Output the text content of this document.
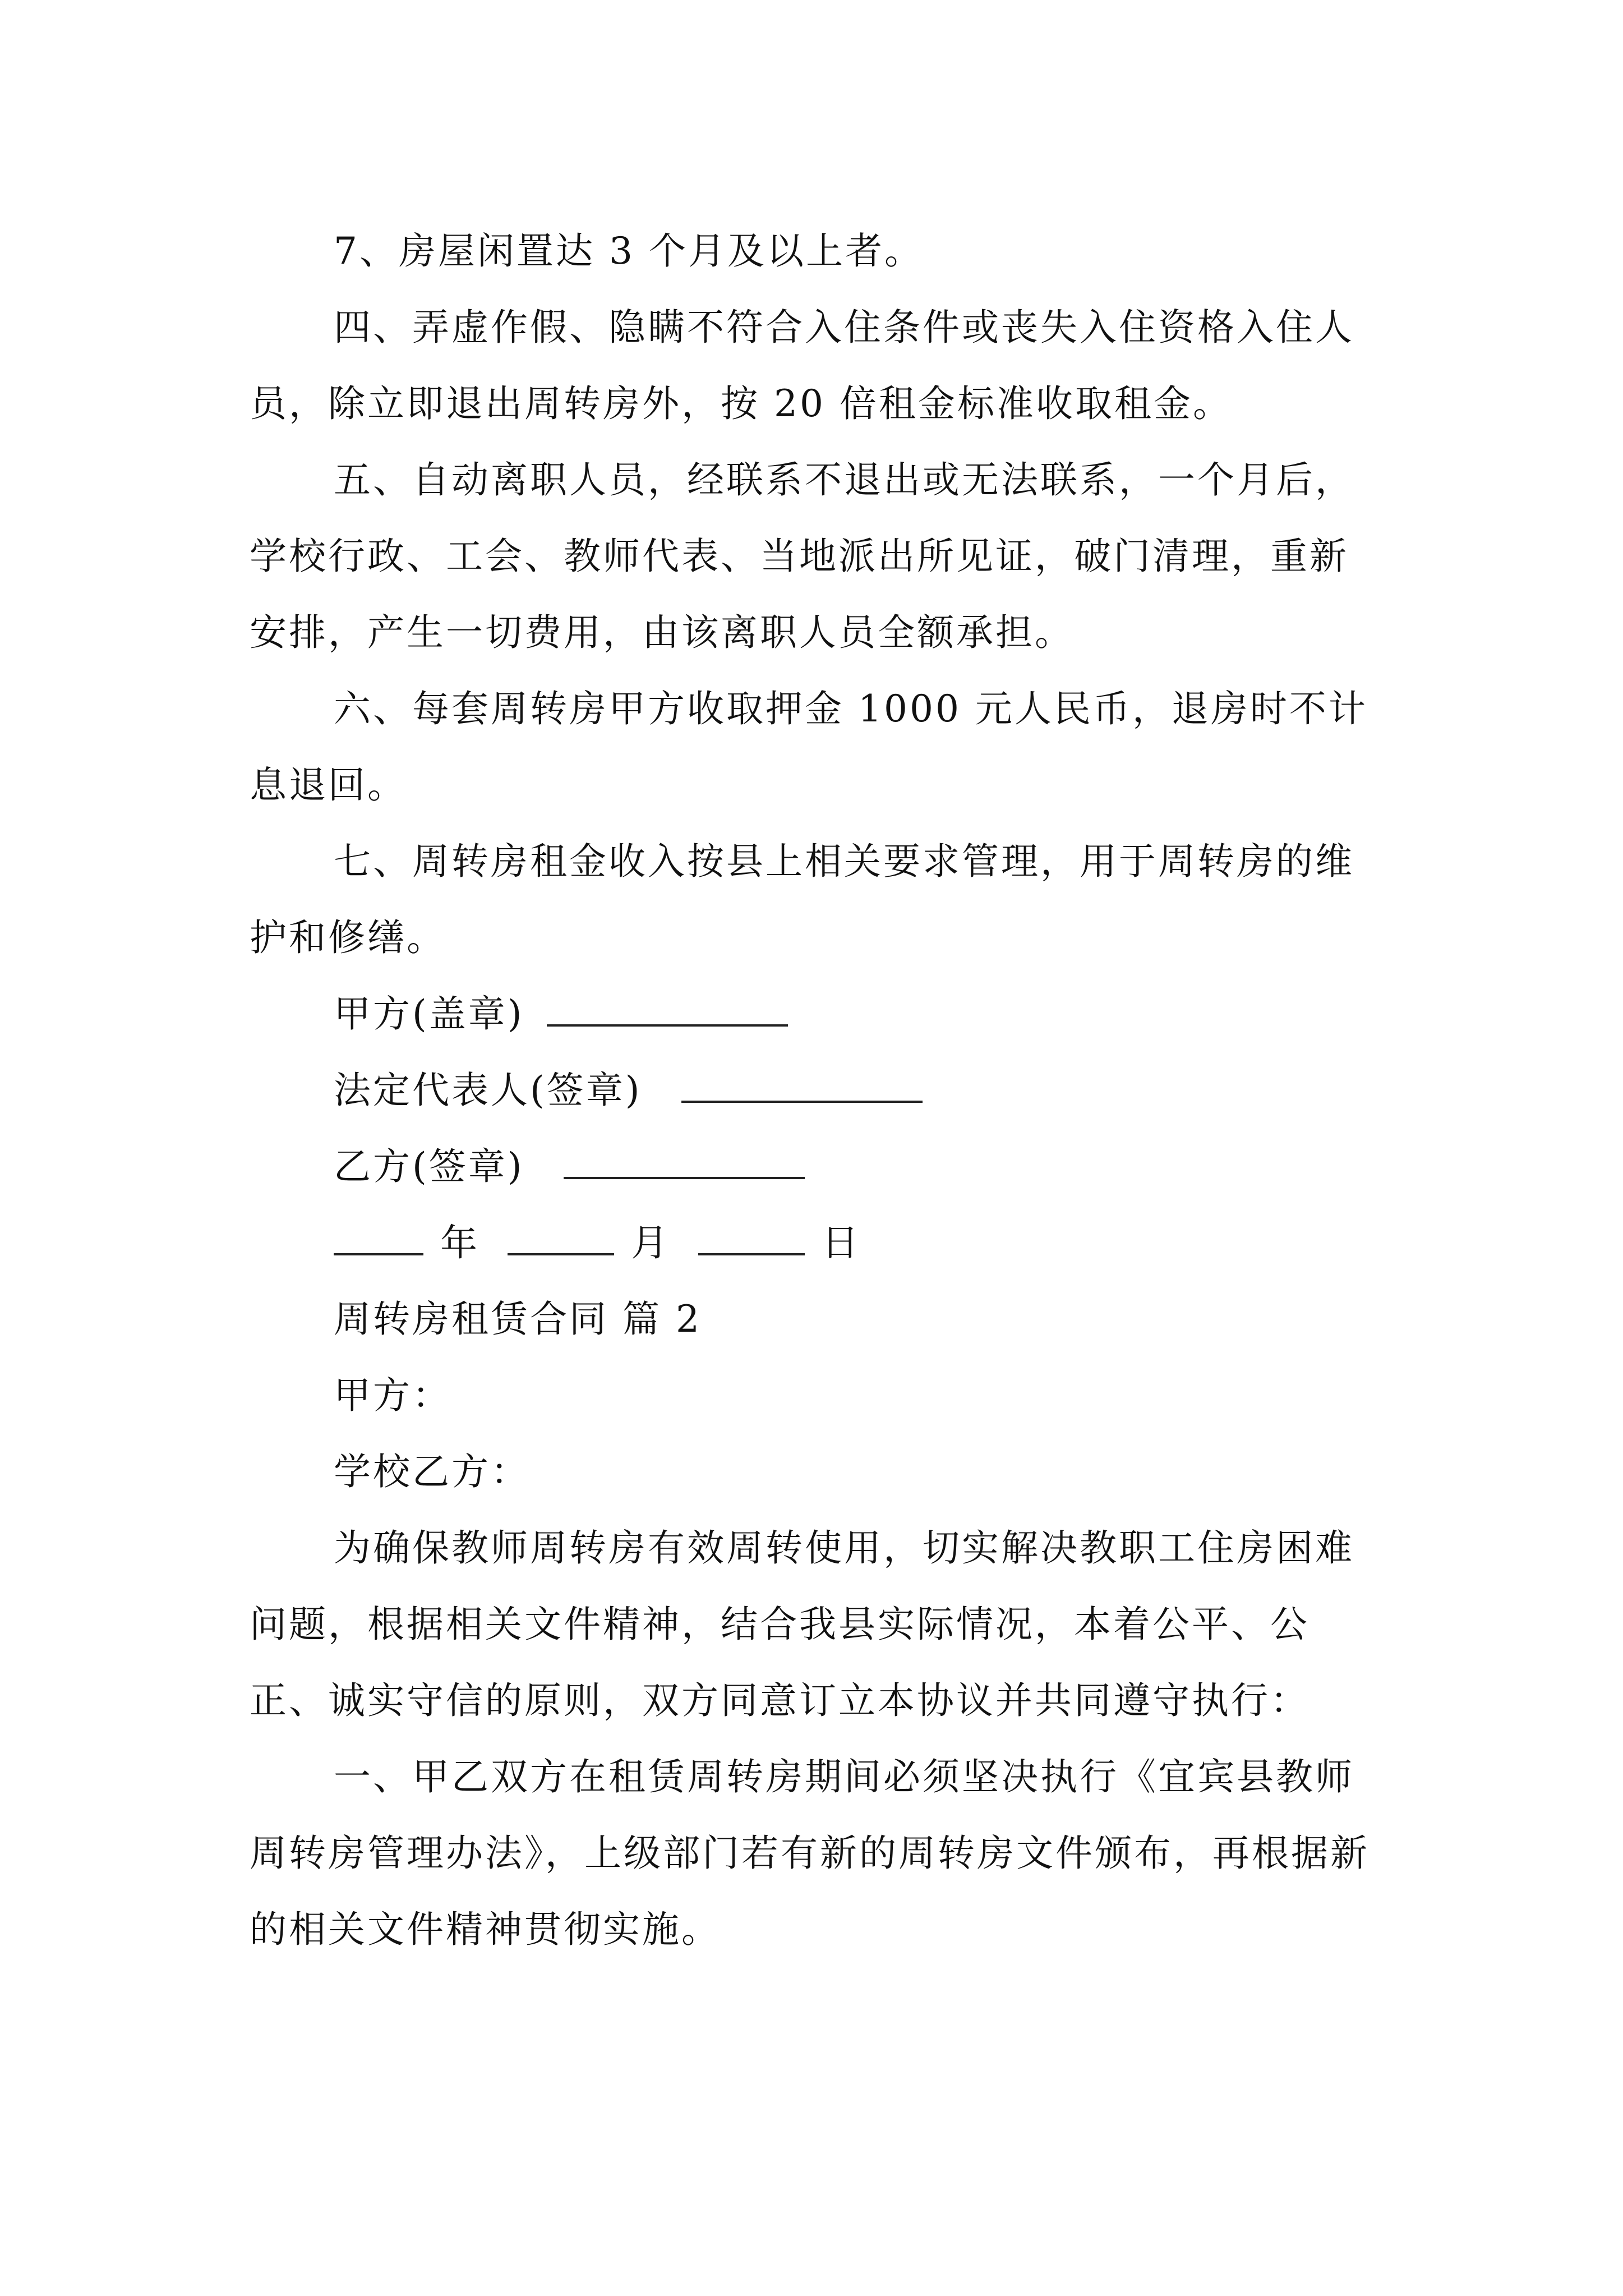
7、房屋闲置达 3 个月及以上者。

四、弄虚作假、隐瞒不符合入住条件或丧失入住资格入住人员，除立即退出周转房外，按 20 倍租金标准收取租金。

五、自动离职人员，经联系不退出或无法联系，一个月后，学校行政、工会、教师代表、当地派出所见证，破门清理，重新安排，产生一切费用，由该离职人员全额承担。

六、每套周转房甲方收取押金 1000 元人民币，退房时不计息退回。

七、周转房租金收入按县上相关要求管理，用于周转房的维护和修缮。

甲方(盖章)
法定代表人(签章)
乙方(签章)
年	月	日
周转房租赁合同 篇 2
甲方：
学校乙方：

为确保教师周转房有效周转使用，切实解决教职工住房困难问题，根据相关文件精神，结合我县实际情况，本着公平、公正、诚实守信的原则，双方同意订立本协议并共同遵守执行：

一、甲乙双方在租赁周转房期间必须坚决执行《宜宾县教师周转房管理办法》，上级部门若有新的周转房文件颁布，再根据新的相关文件精神贯彻实施。
